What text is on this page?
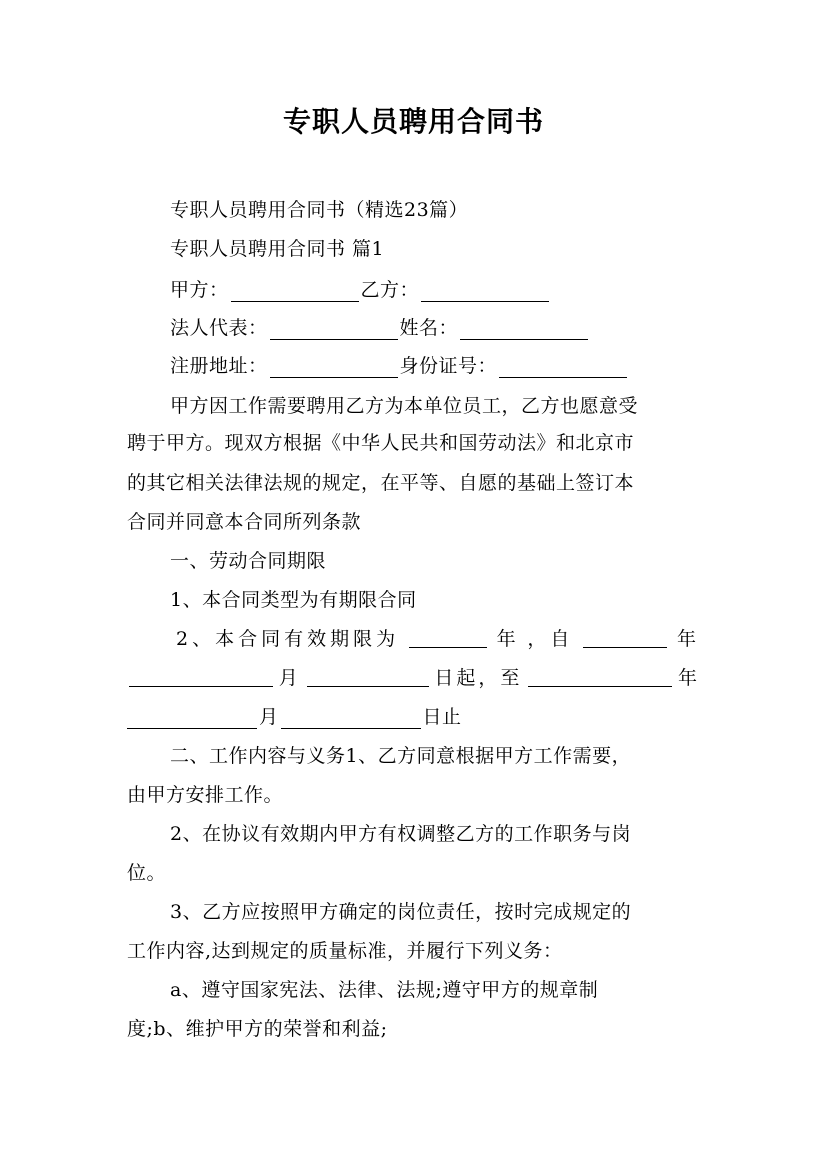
专职人员聘用合同书
专职人员聘用合同书（精选23篇）
专职人员聘用合同书 篇1
甲方：	乙方：
法人代表：	姓名：
注册地址：	身份证号：
甲方因工作需要聘用乙方为本单位员工，乙方也愿意受
聘于甲方。现双方根据《中华人民共和国劳动法》和北京市
的其它相关法律法规的规定，在平等、自愿的基础上签订本
合同并同意本合同所列条款
一、劳动合同期限
1、本合同类型为有期限合同
2、本合同有效期限为	年 ，自	年
月	日起，至	年
月	日止
二、工作内容与义务1、乙方同意根据甲方工作需要，
由甲方安排工作。
2、在协议有效期内甲方有权调整乙方的工作职务与岗
位。
3、乙方应按照甲方确定的岗位责任，按时完成规定的
工作内容,达到规定的质量标准，并履行下列义务：
a、遵守国家宪法、法律、法规;遵守甲方的规章制
度;b、维护甲方的荣誉和利益;
